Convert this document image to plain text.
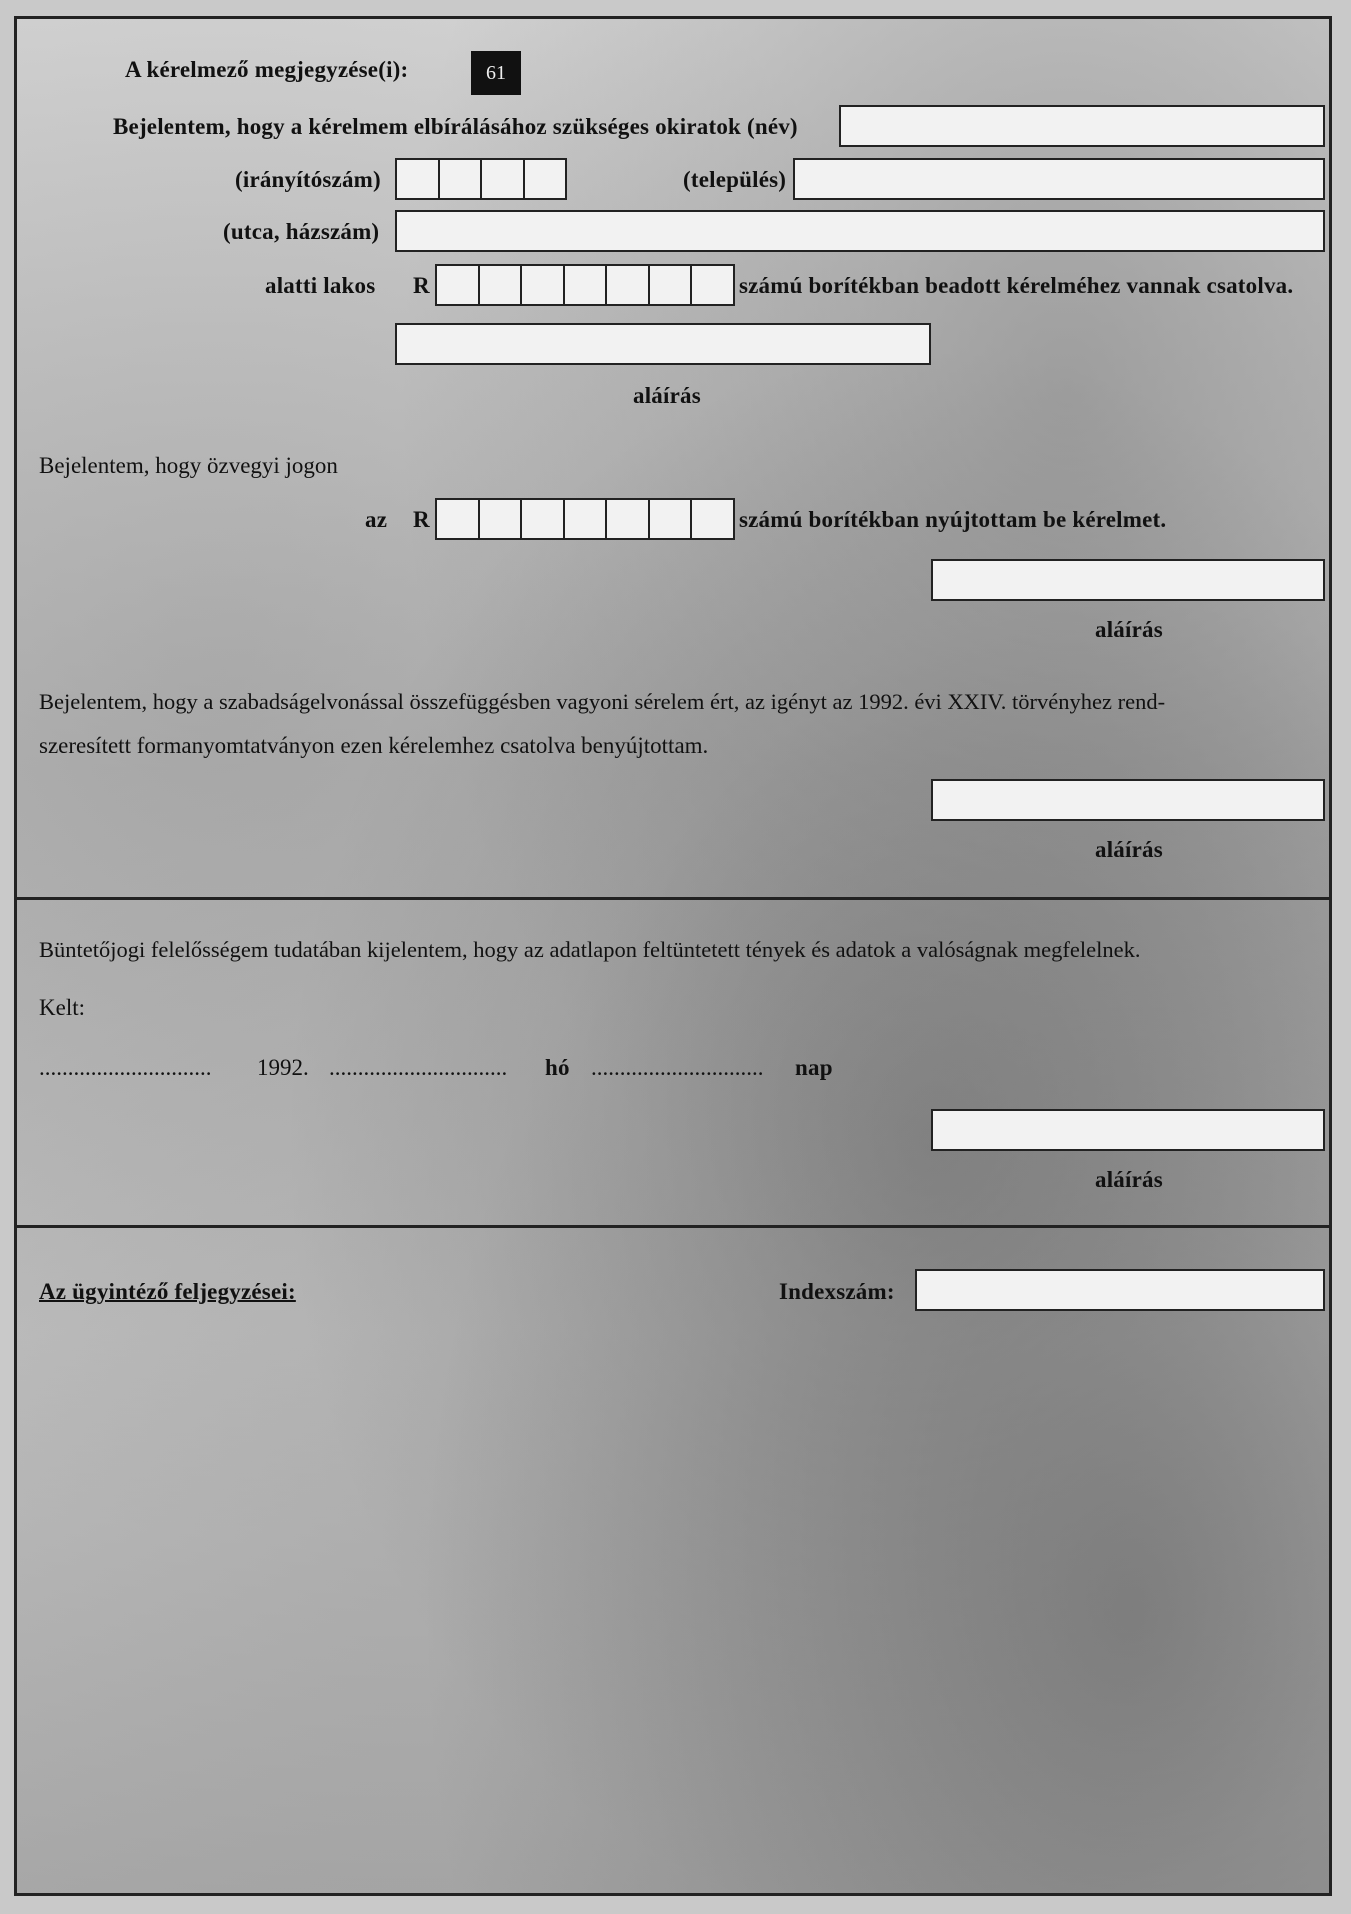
A kérelmező megjegyzése(i):	61
Bejelentem, hogy a kérelmem elbírálásához szükséges okiratok (név)
(irányítószám)	(település)
(utca, házszám)
alatti lakos R	számú borítékban beadott kérelméhez vannak csatolva.
aláírás
Bejelentem, hogy özvegyi jogon
az R	számú borítékban nyújtottam be kérelmet.
aláírás
Bejelentem, hogy a szabadságelvonással összefüggésben vagyoni sérelem ért, az igényt az 1992. évi XXIV. törvényhez rend-
szeresített formanyomtatványon ezen kérelemhez csatolva benyújtottam.
aláírás
Büntetőjogi felelősségem tudatában kijelentem, hogy az adatlapon feltüntetett tények és adatok a valóságnak megfelelnek.
Kelt:
.............................. 1992. ............................... hó .............................. nap
aláírás
Az ügyintéző feljegyzései:	Indexszám:
